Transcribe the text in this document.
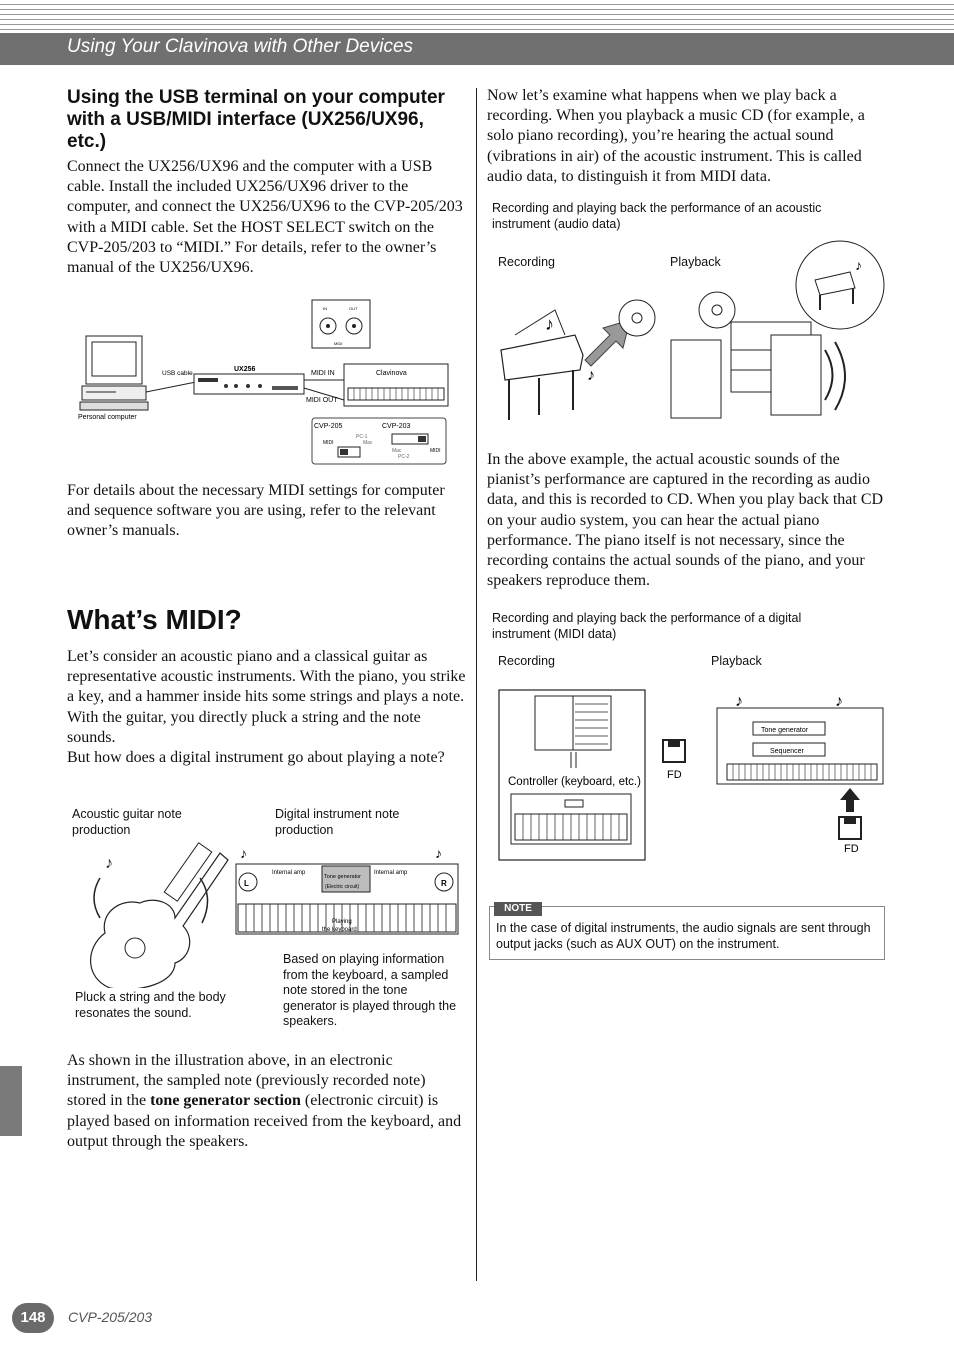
Using Your Clavinova with Other Devices
Using the USB terminal on your computer with a USB/MIDI interface (UX256/UX96, etc.)
Connect the UX256/UX96 and the computer with a USB cable. Install the included UX256/UX96 driver to the computer, and connect the UX256/UX96 to the CVP-205/203 with a MIDI cable. Set the HOST SELECT switch on the CVP-205/203 to “MIDI.” For details, refer to the owner’s manual of the UX256/UX96.
Personal computer
USB cable
UX256
IN	OUT
MIDI
MIDI IN
MIDI OUT
Clavinova
CVP-205	CVP-203
MIDI
PC-1
Mac
Mac
PC-2
MIDI
For details about the necessary MIDI settings for computer and sequence software you are using, refer to the relevant owner’s manuals.
What’s MIDI?
Let’s consider an acoustic piano and a classical guitar as representative acoustic instruments. With the piano, you strike a key, and a hammer inside hits some strings and plays a note. With the guitar, you directly pluck a string and the note sounds.
But how does a digital instrument go about playing a note?
Acoustic guitar note production
Digital instrument note production
♪
L	R
Tone generator
(Electric circuit)
Internal amp	Internal amp
Playing
the keyboard
♪	♪
Pluck a string and the body resonates the sound.
Based on playing information from the keyboard, a sampled note stored in the tone generator is played through the speakers.
As shown in the illustration above, in an electronic instrument, the sampled note (previously recorded note) stored in the tone generator section (electronic circuit) is played based on information received from the keyboard, and output through the speakers.
Now let’s examine what happens when we play back a recording. When you playback a music CD (for example, a solo piano recording), you’re hearing the actual sound (vibrations in air) of the acoustic instrument. This is called audio data, to distinguish it from MIDI data.
Recording and playing back the performance of an acoustic instrument (audio data)
Recording	Playback
♪
♪
♪
In the above example, the actual acoustic sounds of the pianist’s performance are captured in the recording as audio data, and this is recorded to CD. When you play back that CD on your audio system, you can hear the actual piano performance. The piano itself is not necessary, since the recording contains the actual sounds of the piano, and your speakers reproduce them.
Recording and playing back the performance of a digital instrument (MIDI data)
Recording	Playback
Controller (keyboard, etc.)
FD
Tone generator
Sequencer
♪	♪
FD
NOTE
In the case of digital instruments, the audio signals are sent through output jacks (such as AUX OUT) on the instrument.
148	CVP-205/203
